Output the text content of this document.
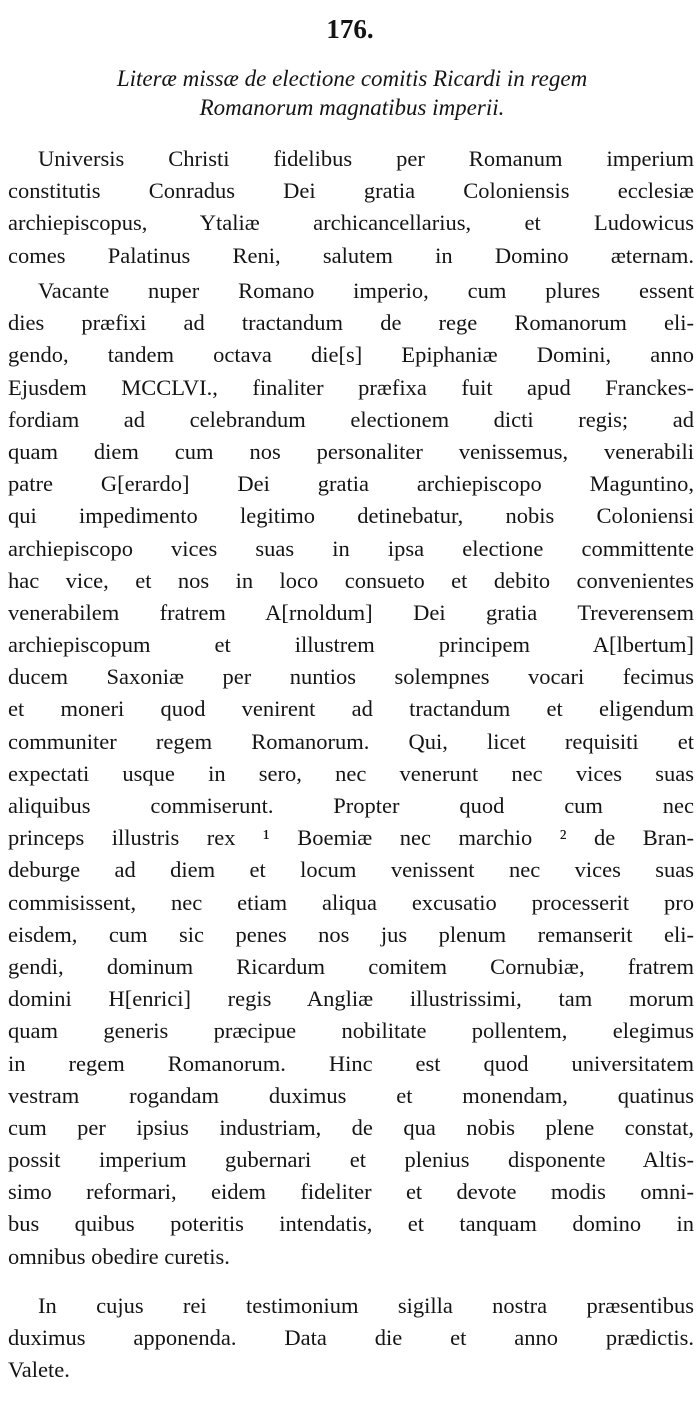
176.
Literæ missæ de electione comitis Ricardi in regem
Romanorum magnatibus imperii.
Universis Christi fidelibus per Romanum imperium
constitutis Conradus Dei gratia Coloniensis ecclesiæ
archiepiscopus, Ytaliæ archicancellarius, et Ludowicus
comes Palatinus Reni, salutem in Domino æternam.
Vacante nuper Romano imperio, cum plures essent
dies præfixi ad tractandum de rege Romanorum eli-
gendo, tandem octava die[s] Epiphaniæ Domini, anno
Ejusdem MCCLVI., finaliter præfixa fuit apud Franckes-
fordiam ad celebrandum electionem dicti regis; ad
quam diem cum nos personaliter venissemus, venerabili
patre G[erardo] Dei gratia archiepiscopo Maguntino,
qui impedimento legitimo detinebatur, nobis Coloniensi
archiepiscopo vices suas in ipsa electione committente
hac vice, et nos in loco consueto et debito convenientes
venerabilem fratrem A[rnoldum] Dei gratia Treverensem
archiepiscopum et illustrem principem A[lbertum]
ducem Saxoniæ per nuntios solempnes vocari fecimus
et moneri quod venirent ad tractandum et eligendum
communiter regem Romanorum. Qui, licet requisiti et
expectati usque in sero, nec venerunt nec vices suas
aliquibus commiserunt. Propter quod cum nec
princeps illustris rex ¹ Boemiæ nec marchio ² de Bran-
deburge ad diem et locum venissent nec vices suas
commisissent, nec etiam aliqua excusatio processerit pro
eisdem, cum sic penes nos jus plenum remanserit eli-
gendi, dominum Ricardum comitem Cornubiæ, fratrem
domini H[enrici] regis Angliæ illustrissimi, tam morum
quam generis præcipue nobilitate pollentem, elegimus
in regem Romanorum. Hinc est quod universitatem
vestram rogandam duximus et monendam, quatinus
cum per ipsius industriam, de qua nobis plene constat,
possit imperium gubernari et plenius disponente Altis-
simo reformari, eidem fideliter et devote modis omni-
bus quibus poteritis intendatis, et tanquam domino in
omnibus obedire curetis.
In cujus rei testimonium sigilla nostra præsentibus
duximus apponenda. Data die et anno prædictis.
Valete.
